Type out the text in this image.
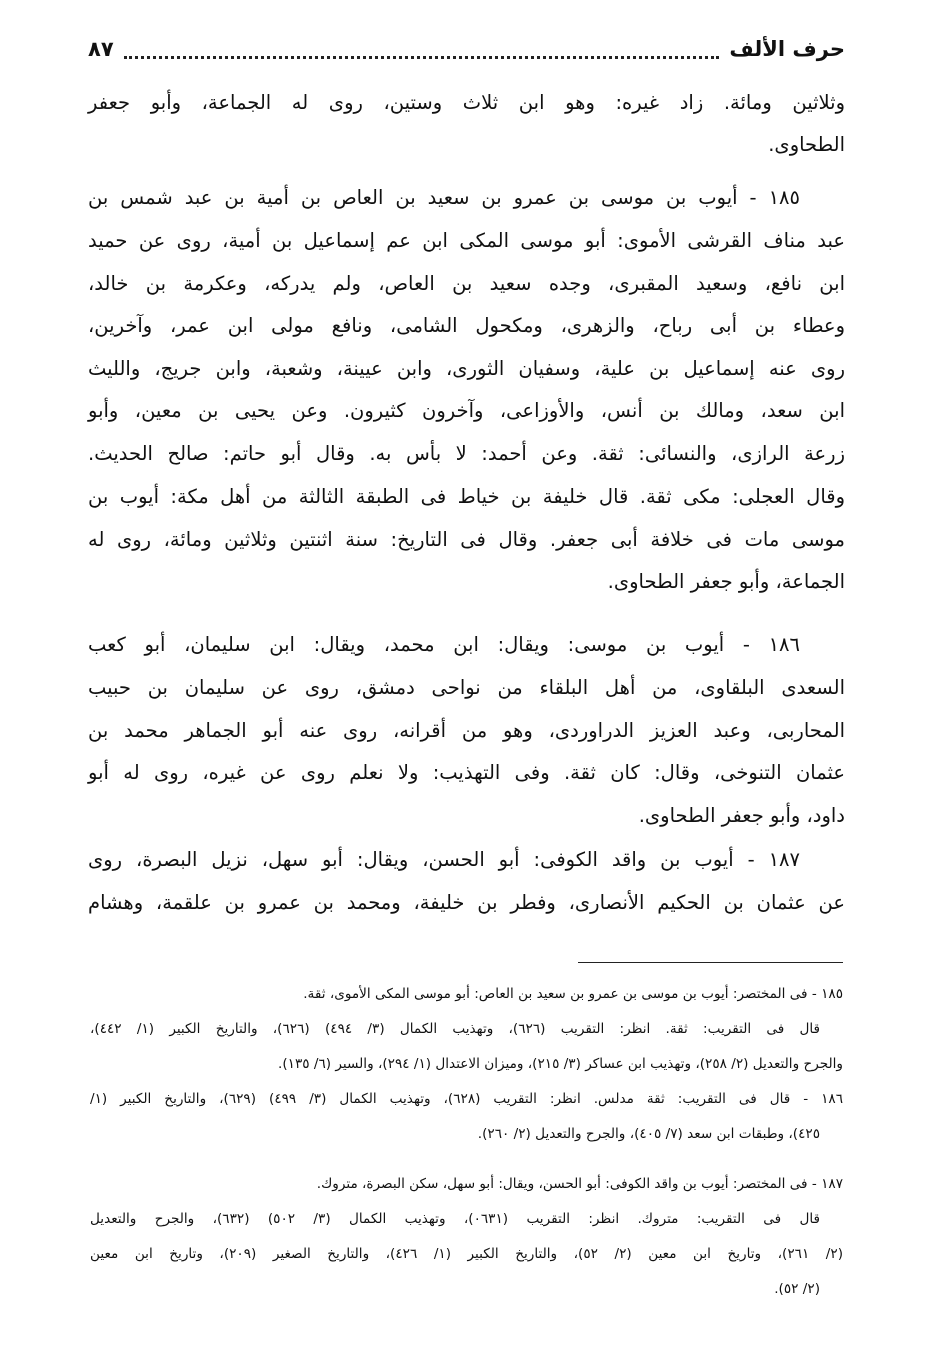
حرف الألف
٨٧
وثلاثين ومائة. زاد غيره: وهو ابن ثلاث وستين، روى له الجماعة، وأبو جعفر
الطحاوى.
١٨٥ - أيوب بن موسى بن عمرو بن سعيد بن العاص بن أمية بن عبد شمس بن
عبد مناف القرشى الأموى: أبو موسى المكى ابن عم إسماعيل بن أمية، روى عن حميد
ابن نافع، وسعيد المقبرى، وجده سعيد بن العاص، ولم يدركه، وعكرمة بن خالد،
وعطاء بن أبى رباح، والزهرى، ومكحول الشامى، ونافع مولى ابن عمر، وآخرين،
روى عنه إسماعيل بن علية، وسفيان الثورى، وابن عيينة، وشعبة، وابن جريج، والليث
ابن سعد، ومالك بن أنس، والأوزاعى، وآخرون كثيرون. وعن يحيى بن معين، وأبو
زرعة الرازى، والنسائى: ثقة. وعن أحمد: لا بأس به. وقال أبو حاتم: صالح الحديث.
وقال العجلى: مكى ثقة. قال خليفة بن خياط فى الطبقة الثالثة من أهل مكة: أيوب بن
موسى مات فى خلافة أبى جعفر. وقال فى التاريخ: سنة اثنتين وثلاثين ومائة، روى له
الجماعة، وأبو جعفر الطحاوى.
١٨٦ - أيوب بن موسى: ويقال: ابن محمد، ويقال: ابن سليمان، أبو كعب
السعدى البلقاوى، من أهل البلقاء من نواحى دمشق، روى عن سليمان بن حبيب
المحاربى، وعبد العزيز الدراوردى، وهو من أقرانه، روى عنه أبو الجماهر محمد بن
عثمان التنوخى، وقال: كان ثقة. وفى التهذيب: ولا نعلم روى عن غيره، روى له أبو
داود، وأبو جعفر الطحاوى.
١٨٧ - أيوب بن واقد الكوفى: أبو الحسن، ويقال: أبو سهل، نزيل البصرة، روى
عن عثمان بن الحكيم الأنصارى، وفطر بن خليفة، ومحمد بن عمرو بن علقمة، وهشام
١٨٥ - فى المختصر: أيوب بن موسى بن عمرو بن سعيد بن العاص: أبو موسى المكى الأموى، ثقة.
قال فى التقريب: ثقة. انظر: التقريب (٦٢٦)، وتهذيب الكمال (٣/ ٤٩٤) (٦٢٦)، والتاريخ الكبير (١/ ٤٤٢)،
والجرح والتعديل (٢/ ٢٥٨)، وتهذيب ابن عساكر (٣/ ٢١٥)، وميزان الاعتدال (١/ ٢٩٤)، والسير (٦/ ١٣٥).
١٨٦ - قال فى التقريب: ثقة مدلس. انظر: التقريب (٦٢٨)، وتهذيب الكمال (٣/ ٤٩٩) (٦٢٩)، والتاريخ الكبير (١/
٤٢٥)، وطبقات ابن سعد (٧/ ٤٠٥)، والجرح والتعديل (٢/ ٢٦٠).
١٨٧ - فى المختصر: أيوب بن واقد الكوفى: أبو الحسن، ويقال: أبو سهل، سكن البصرة، متروك.
قال فى التقريب: متروك. انظر: التقريب (٠٦٣١)، وتهذيب الكمال (٣/ ٥٠٢) (٦٣٢)، والجرح والتعديل
(٢/ ٢٦١)، وتاريخ ابن معين (٢/ ٥٢)، والتاريخ الكبير (١/ ٤٢٦)، والتاريخ الصغير (٢٠٩)، وتاريخ ابن معين
(٢/ ٥٢).
